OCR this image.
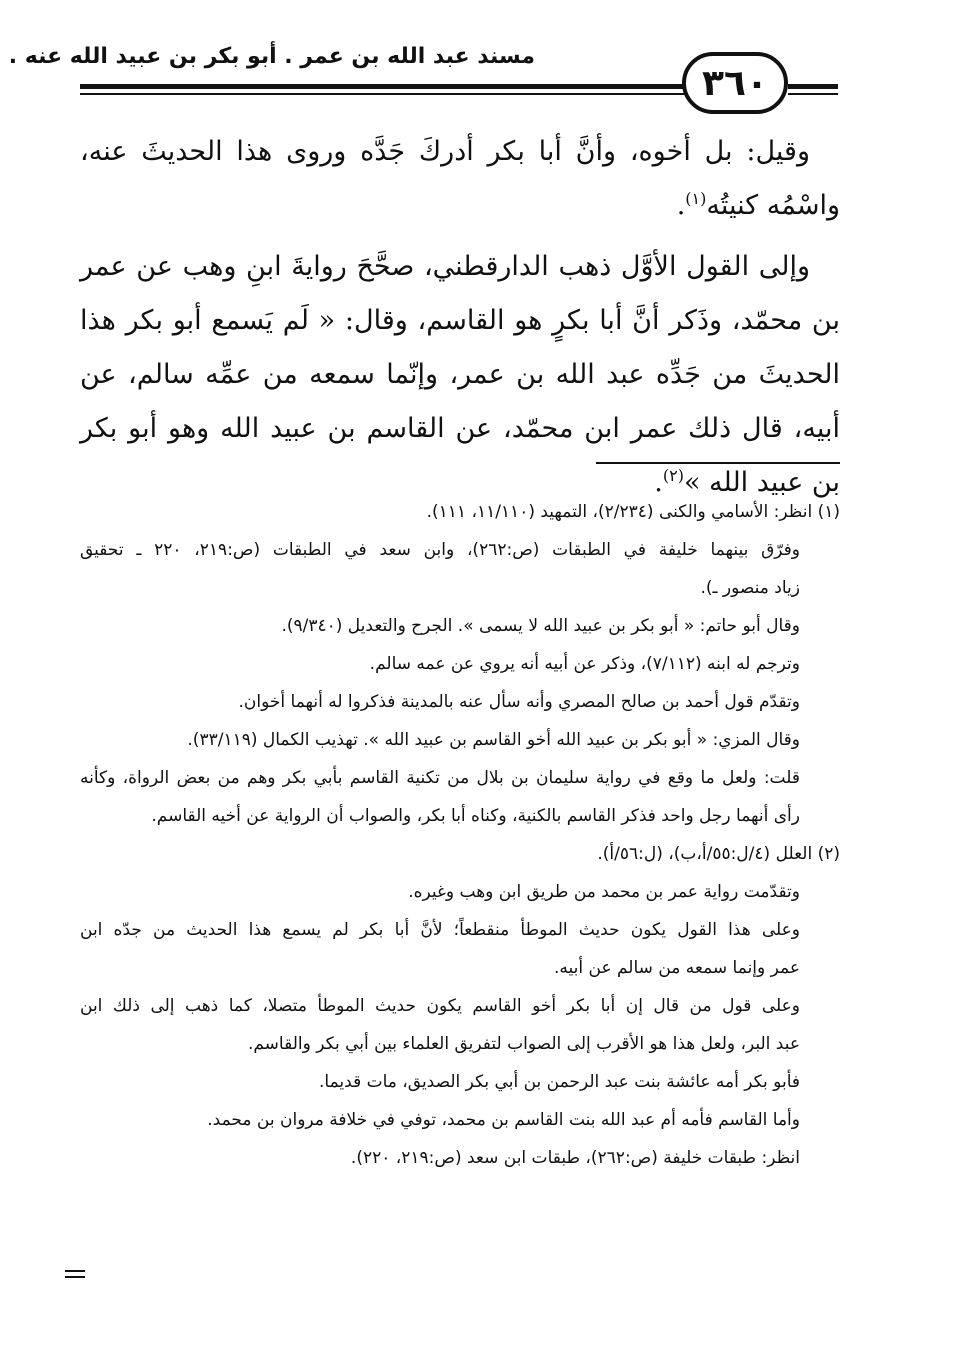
مسند عبد الله بن عمر . أبو بكر بن عبيد الله عنه .
٣٦٠
وقيل: بل أخوه، وأنَّ أبا بكر أدركَ جَدَّه وروى هذا الحديثَ عنه، واسْمُه كنيتُه$^{(١)}$.
وإلى القول الأوَّل ذهب الدارقطني، صحَّحَ روايةَ ابنِ وهب عن عمر بن محمّد، وذَكر أنَّ أبا بكرٍ هو القاسم، وقال: « لَم يَسمع أبو بكر هذا الحديثَ من جَدِّه عبد الله بن عمر، وإنّما سمعه من عمِّه سالم، عن أبيه، قال ذلك عمر ابن محمّد، عن القاسم بن عبيد الله وهو أبو بكر بن عبيد الله »$^{(٢)}$.
(١) انظر: الأسامي والكنى (٢/٢٣٤)، التمهيد (١١/١١٠، ١١١).
وفرّق بينهما خليفة في الطبقات (ص:٢٦٢)، وابن سعد في الطبقات (ص:٢١٩، ٢٢٠ ـ تحقيق
زياد منصور ـ).
وقال أبو حاتم: « أبو بكر بن عبيد الله لا يسمى ». الجرح والتعديل (٩/٣٤٠).
وترجم له ابنه (٧/١١٢)، وذكر عن أبيه أنه يروي عن عمه سالم.
وتقدّم قول أحمد بن صالح المصري وأنه سأل عنه بالمدينة فذكروا له أنهما أخوان.
وقال المزي: « أبو بكر بن عبيد الله أخو القاسم بن عبيد الله ». تهذيب الكمال (٣٣/١١٩).
قلت: ولعل ما وقع في رواية سليمان بن بلال من تكنية القاسم بأبي بكر وهم من بعض الرواة، وكأنه
رأى أنهما رجل واحد فذكر القاسم بالكنية، وكناه أبا بكر، والصواب أن الرواية عن أخيه القاسم.
(٢) العلل (٤/ل:٥٥/أ،ب)، (ل:٥٦/أ).
وتقدّمت رواية عمر بن محمد من طريق ابن وهب وغيره.
وعلى هذا القول يكون حديث الموطأ منقطعاً؛ لأنَّ أبا بكر لم يسمع هذا الحديث من جدّه ابن
عمر وإنما سمعه من سالم عن أبيه.
وعلى قول من قال إن أبا بكر أخو القاسم يكون حديث الموطأ متصلا، كما ذهب إلى ذلك ابن
عبد البر، ولعل هذا هو الأقرب إلى الصواب لتفريق العلماء بين أبي بكر والقاسم.
فأبو بكر أمه عائشة بنت عبد الرحمن بن أبي بكر الصديق، مات قديما.
وأما القاسم فأمه أم عبد الله بنت القاسم بن محمد، توفي في خلافة مروان بن محمد.
انظر: طبقات خليفة (ص:٢٦٢)، طبقات ابن سعد (ص:٢١٩، ٢٢٠).
